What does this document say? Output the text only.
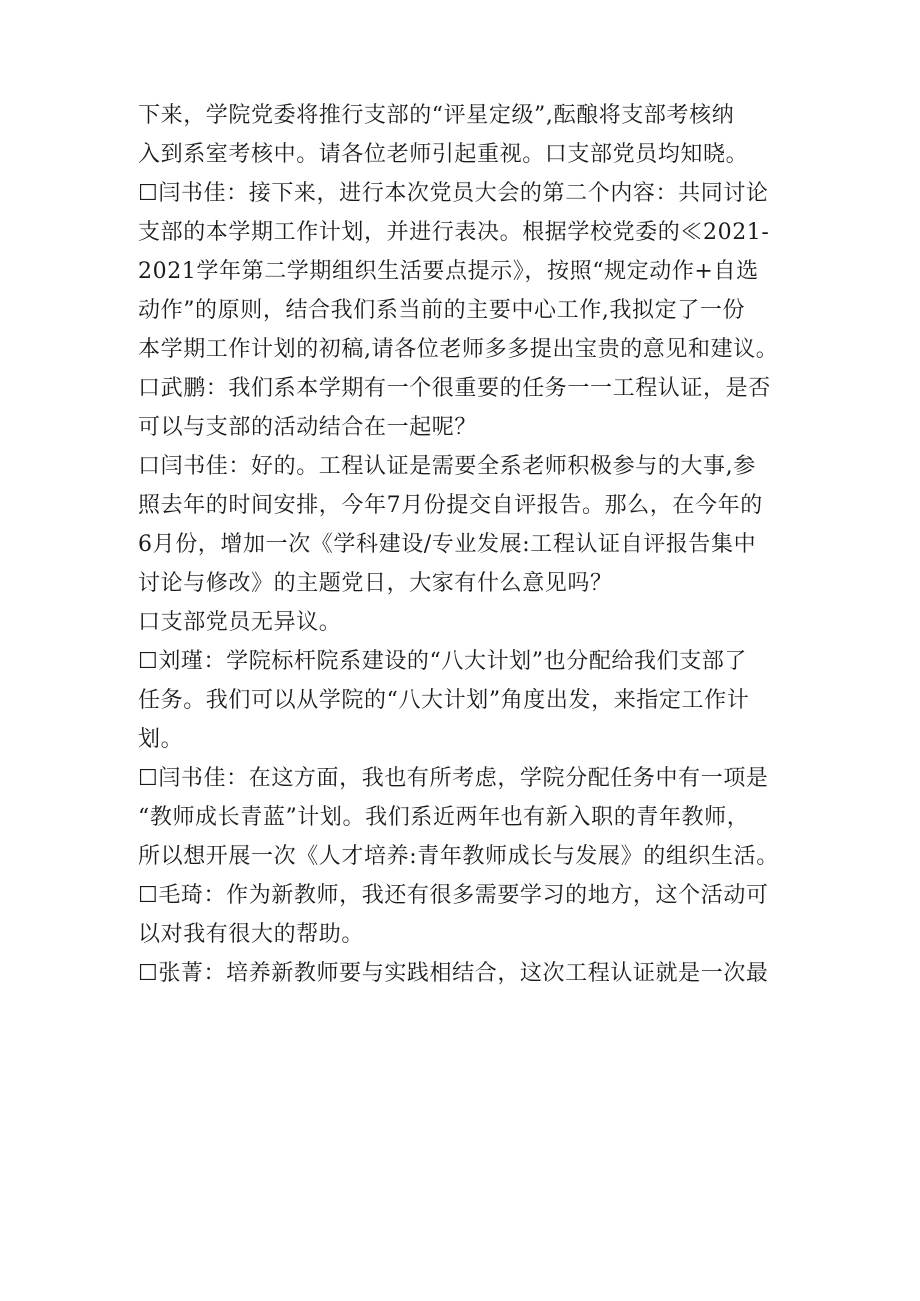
下来，学院党委将推行支部的“评星定级”,酝酿将支部考核纳
入到系室考核中。请各位老师引起重视。口支部党员均知晓。
☐闫书佳：接下来，进行本次党员大会的第二个内容：共同讨论
支部的本学期工作计划，并进行表决。根据学校党委的≪2021-
2021学年第二学期组织生活要点提示》，按照“规定动作+自选
动作”的原则，结合我们系当前的主要中心工作,我拟定了一份
本学期工作计划的初稿,请各位老师多多提出宝贵的意见和建议。
口武鹏：我们系本学期有一个很重要的任务一一工程认证，是否
可以与支部的活动结合在一起呢？
口闫书佳：好的。工程认证是需要全系老师积极参与的大事,参
照去年的时间安排，今年7月份提交自评报告。那么，在今年的
6月份，增加一次《学科建设/专业发展:工程认证自评报告集中
讨论与修改》的主题党日，大家有什么意见吗？
口支部党员无异议。
☐刘瑾：学院标杆院系建设的“八大计划”也分配给我们支部了
任务。我们可以从学院的“八大计划”角度出发，来指定工作计
划。
☐闫书佳：在这方面，我也有所考虑，学院分配任务中有一项是
“教师成长青蓝”计划。我们系近两年也有新入职的青年教师，
所以想开展一次《人才培养:青年教师成长与发展》的组织生活。
☐毛琦：作为新教师，我还有很多需要学习的地方，这个活动可
以对我有很大的帮助。
☐张菁：培养新教师要与实践相结合，这次工程认证就是一次最
